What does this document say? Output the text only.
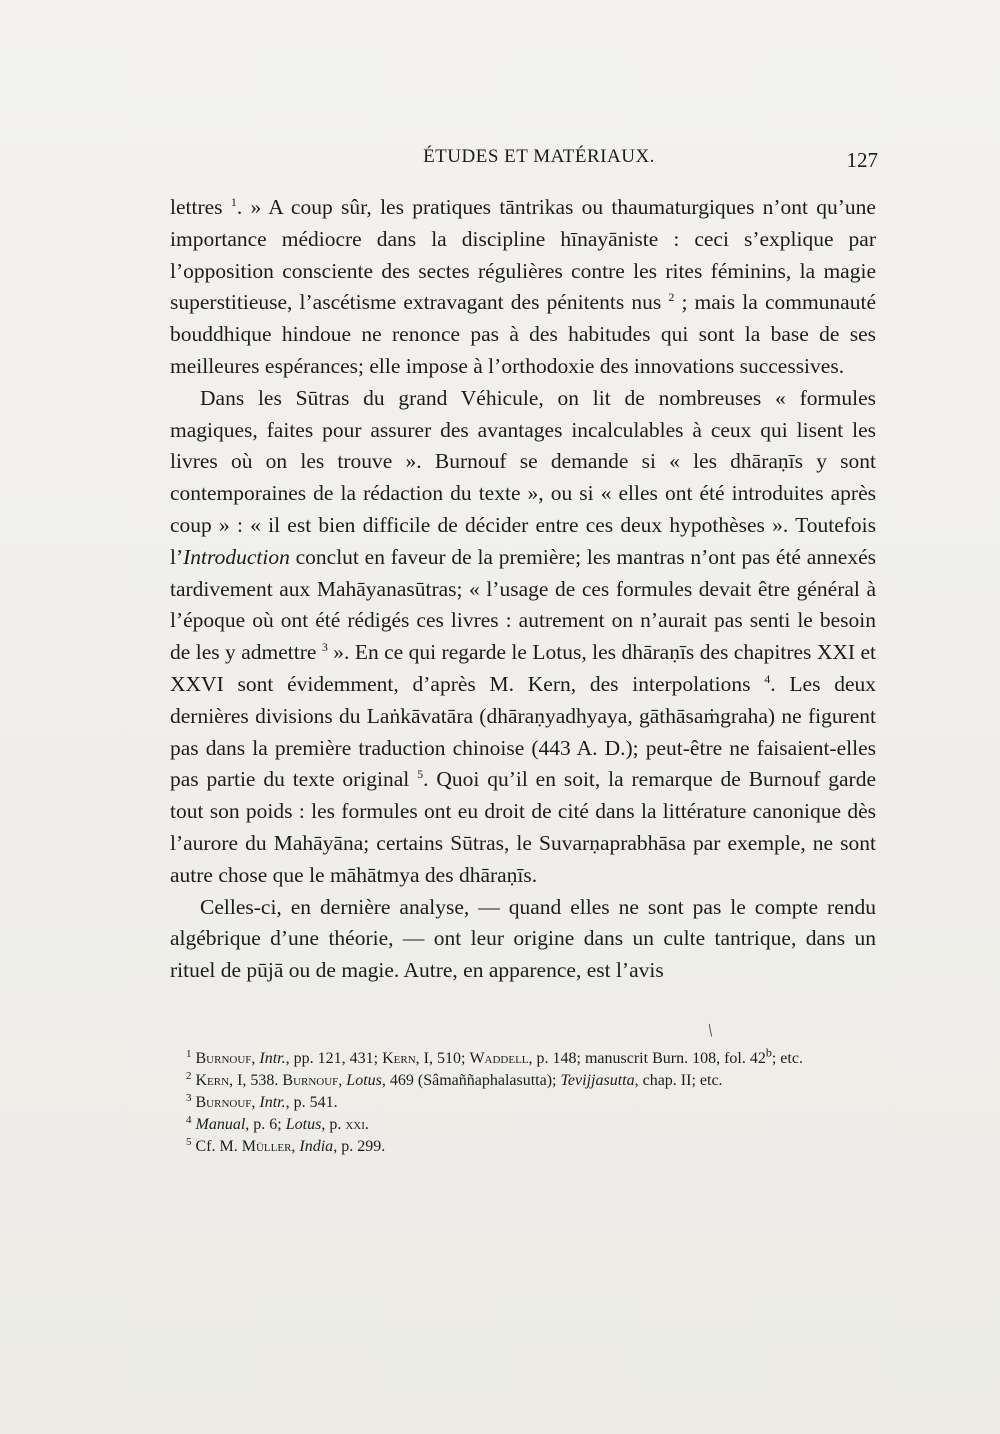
ÉTUDES ET MATÉRIAUX.	127

lettres $^1$. » A coup sûr, les pratiques tāntrikas ou thaumaturgiques n’ont qu’une importance médiocre dans la discipline hīnayāniste : ceci s’explique par l’opposition consciente des sectes régulières contre les rites féminins, la magie superstitieuse, l’ascétisme extravagant des pénitents nus $^2$ ; mais la communauté bouddhique hindoue ne renonce pas à des habitudes qui sont la base de ses meilleures espérances; elle impose à l’orthodoxie des innovations successives.

Dans les Sūtras du grand Véhicule, on lit de nombreuses « formules magiques, faites pour assurer des avantages incalculables à ceux qui lisent les livres où on les trouve ». Burnouf se demande si « les dhāraṇīs y sont contemporaines de la rédaction du texte », ou si « elles ont été introduites après coup » : « il est bien difficile de décider entre ces deux hypothèses ». Toutefois l’Introduction conclut en faveur de la première; les mantras n’ont pas été annexés tardivement aux Mahāyanasūtras; « l’usage de ces formules devait être général à l’époque où ont été rédigés ces livres : autrement on n’aurait pas senti le besoin de les y admettre $^3$ ». En ce qui regarde le Lotus, les dhāraṇīs des chapitres XXI et XXVI sont évidemment, d’après M. Kern, des interpolations $^4$. Les deux dernières divisions du Laṅkāvatāra (dhāraṇyadhyaya, gāthāsaṁgraha) ne figurent pas dans la première traduction chinoise (443 A. D.); peut-être ne faisaient-elles pas partie du texte original $^5$. Quoi qu’il en soit, la remarque de Burnouf garde tout son poids : les formules ont eu droit de cité dans la littérature canonique dès l’aurore du Mahāyāna; certains Sūtras, le Suvarṇaprabhāsa par exemple, ne sont autre chose que le māhātmya des dhāraṇīs.

Celles-ci, en dernière analyse, — quand elles ne sont pas le compte rendu algébrique d’une théorie, — ont leur origine dans un culte tantrique, dans un rituel de pūjā ou de magie. Autre, en apparence, est l’avis

/

$^1$ Burnouf, Intr., pp. 121, 431; Kern, I, 510; Waddell, p. 148; manuscrit Burn. 108, fol. 42$^b$; etc.

$^2$ Kern, I, 538. Burnouf, Lotus, 469 (Sâmaññaphalasutta); Tevijjasutta, chap. II; etc.

$^3$ Burnouf, Intr., p. 541.

$^4$ Manual, p. 6; Lotus, p. xxi.

$^5$ Cf. M. Müller, India, p. 299.
